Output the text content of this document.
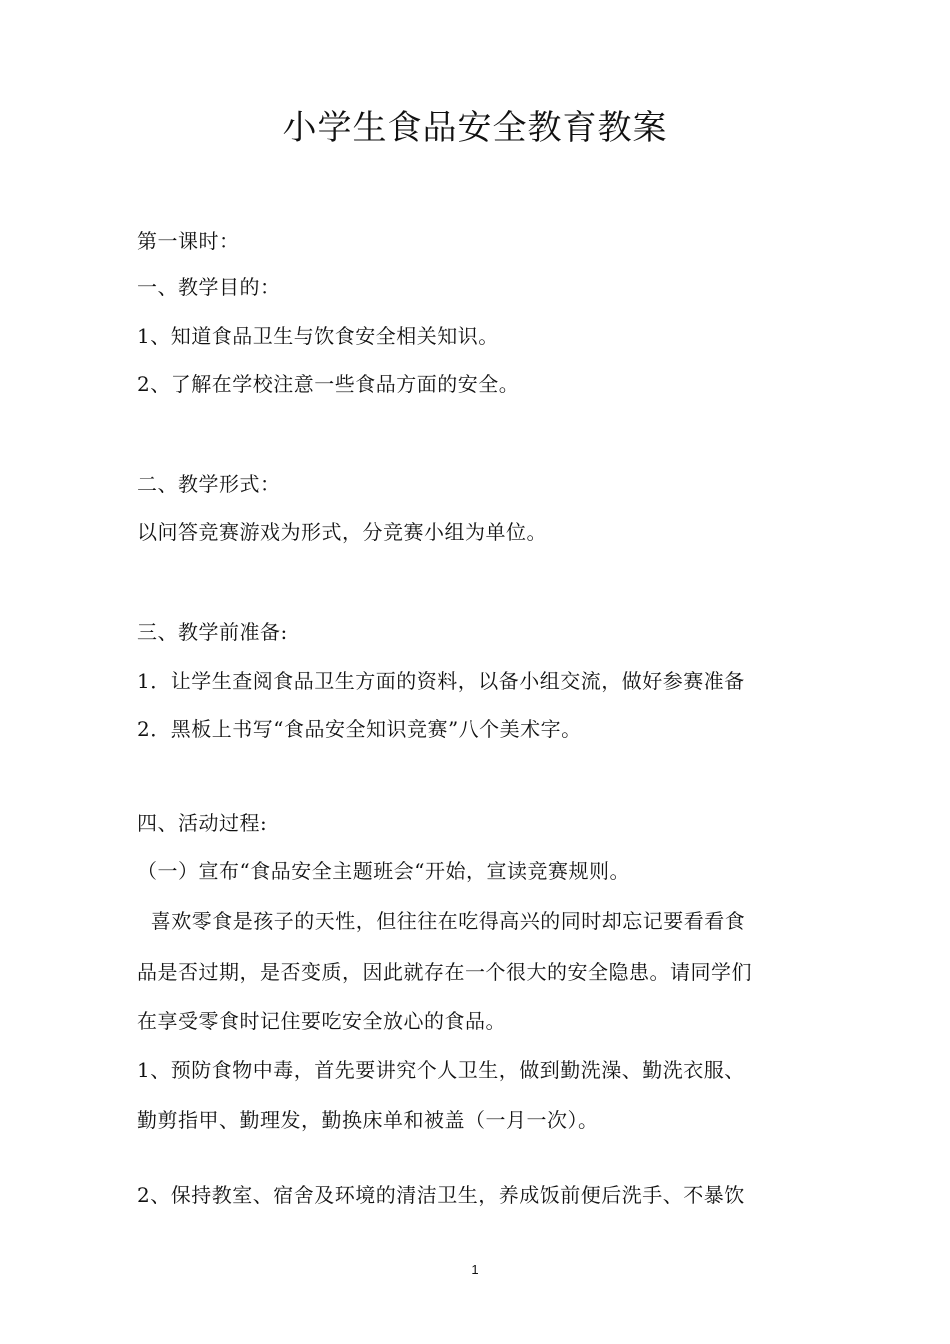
小学生食品安全教育教案
第一课时：
一、教学目的：
1、知道食品卫生与饮食安全相关知识。
2、了解在学校注意一些食品方面的安全。
二、教学形式：
以问答竞赛游戏为形式，分竞赛小组为单位。
三、教学前准备:
1．让学生查阅食品卫生方面的资料，以备小组交流，做好参赛准备
2．黑板上书写“食品安全知识竞赛”八个美术字。
四、活动过程:
（一）宣布“食品安全主题班会“开始，宣读竞赛规则。
喜欢零食是孩子的天性，但往往在吃得高兴的同时却忘记要看看食
品是否过期，是否变质，因此就存在一个很大的安全隐患。请同学们
在享受零食时记住要吃安全放心的食品。
1、预防食物中毒，首先要讲究个人卫生，做到勤洗澡、勤洗衣服、
勤剪指甲、勤理发，勤换床单和被盖（一月一次）。
2、保持教室、宿舍及环境的清洁卫生，养成饭前便后洗手、不暴饮
1
